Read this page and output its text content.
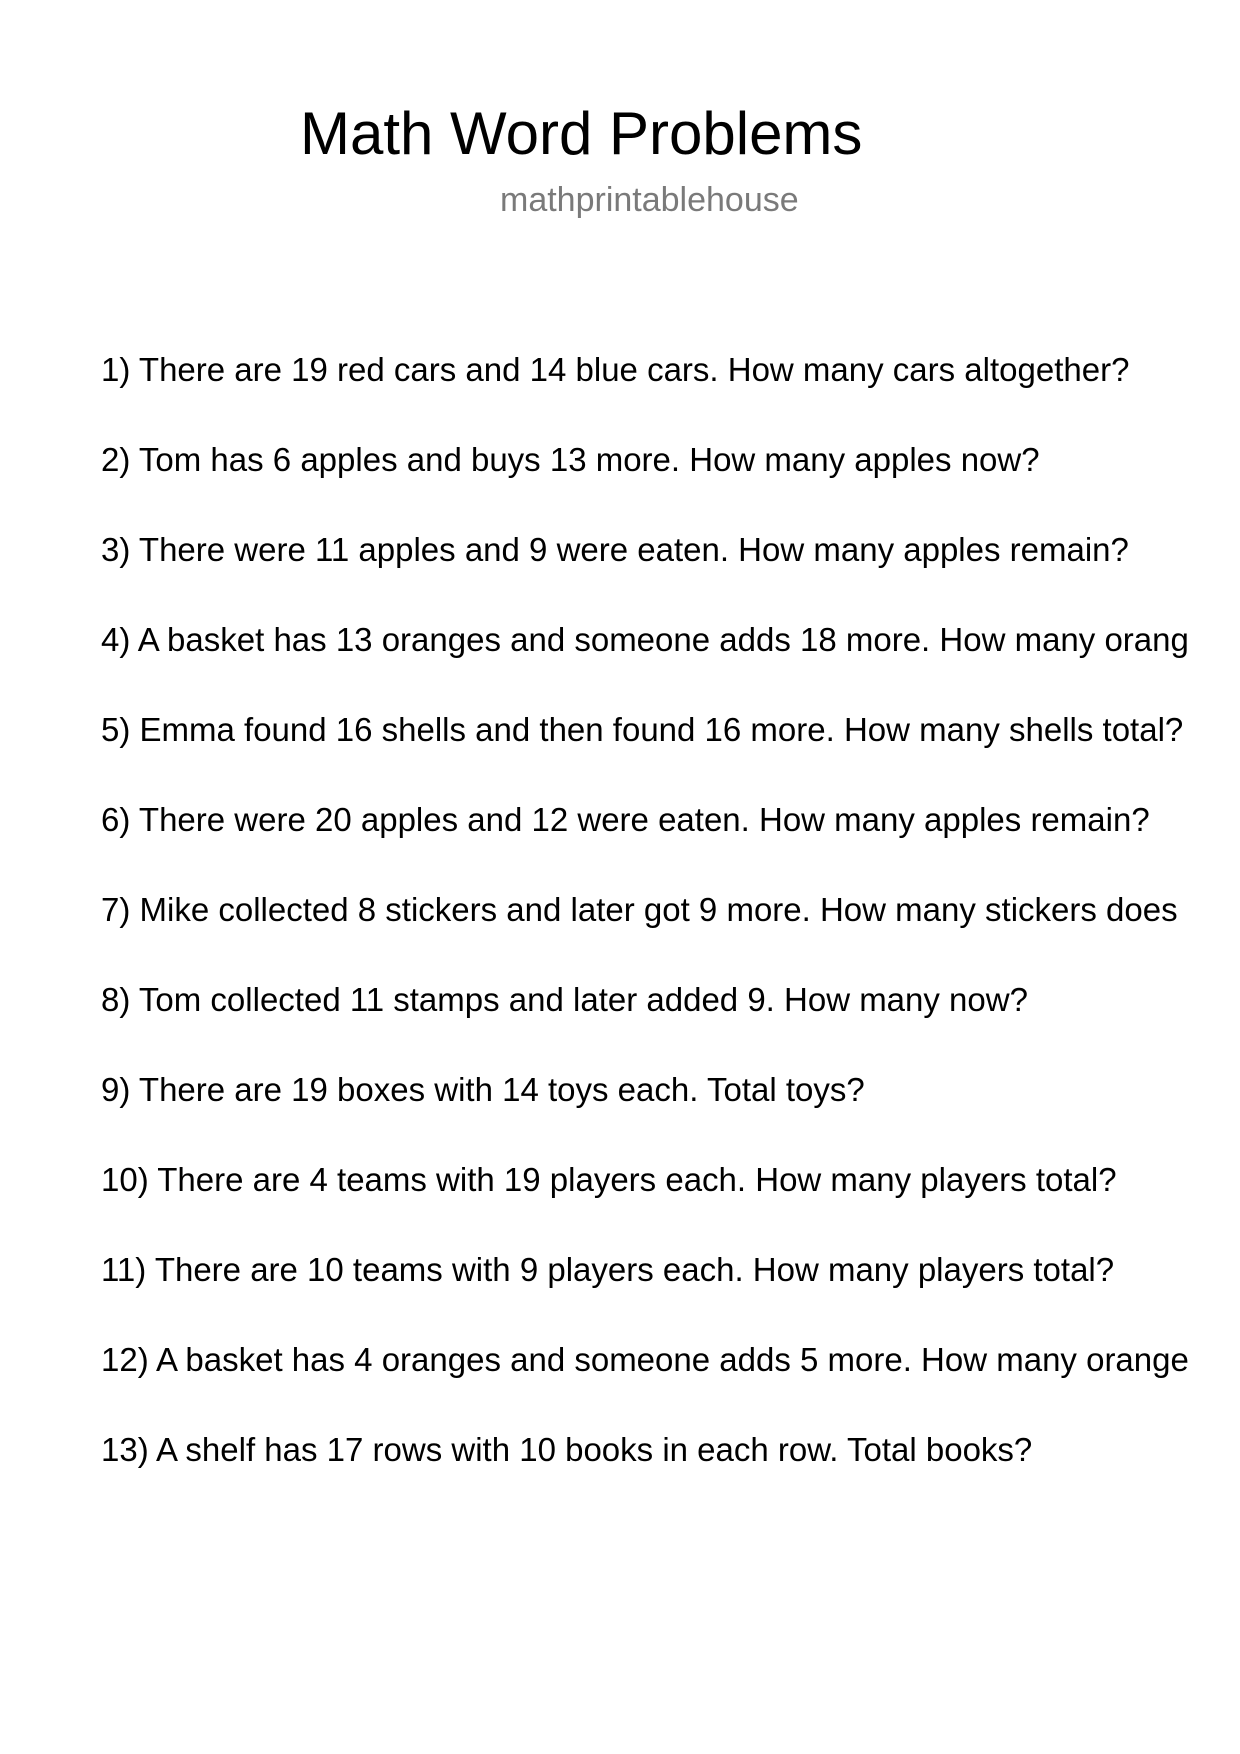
Math Word Problems
mathprintablehouse
1) There are 19 red cars and 14 blue cars. How many cars altogether?
2) Tom has 6 apples and buys 13 more. How many apples now?
3) There were 11 apples and 9 were eaten. How many apples remain?
4) A basket has 13 oranges and someone adds 18 more. How many orang
5) Emma found 16 shells and then found 16 more. How many shells total?
6) There were 20 apples and 12 were eaten. How many apples remain?
7) Mike collected 8 stickers and later got 9 more. How many stickers does
8) Tom collected 11 stamps and later added 9. How many now?
9) There are 19 boxes with 14 toys each. Total toys?
10) There are 4 teams with 19 players each. How many players total?
11) There are 10 teams with 9 players each. How many players total?
12) A basket has 4 oranges and someone adds 5 more. How many orange
13) A shelf has 17 rows with 10 books in each row. Total books?
